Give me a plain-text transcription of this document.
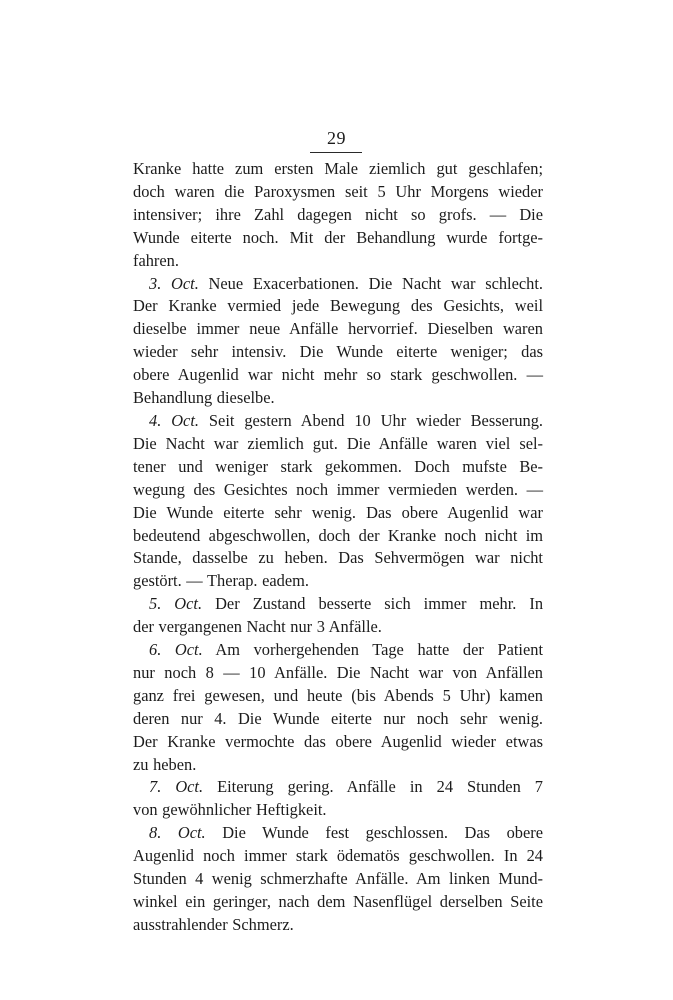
29
Kranke hatte zum ersten Male ziemlich gut geschlafen;
doch waren die Paroxysmen seit 5 Uhr Morgens wieder
intensiver; ihre Zahl dagegen nicht so grofs. — Die
Wunde eiterte noch. Mit der Behandlung wurde fortge-
fahren.
3. Oct. Neue Exacerbationen. Die Nacht war schlecht.
Der Kranke vermied jede Bewegung des Gesichts, weil
dieselbe immer neue Anfälle hervorrief. Dieselben waren
wieder sehr intensiv. Die Wunde eiterte weniger; das
obere Augenlid war nicht mehr so stark geschwollen. —
Behandlung dieselbe.
4. Oct. Seit gestern Abend 10 Uhr wieder Besserung.
Die Nacht war ziemlich gut. Die Anfälle waren viel sel-
tener und weniger stark gekommen. Doch mufste Be-
wegung des Gesichtes noch immer vermieden werden. —
Die Wunde eiterte sehr wenig. Das obere Augenlid war
bedeutend abgeschwollen, doch der Kranke noch nicht im
Stande, dasselbe zu heben. Das Sehvermögen war nicht
gestört. — Therap. eadem.
5. Oct. Der Zustand besserte sich immer mehr. In
der vergangenen Nacht nur 3 Anfälle.
6. Oct. Am vorhergehenden Tage hatte der Patient
nur noch 8 — 10 Anfälle. Die Nacht war von Anfällen
ganz frei gewesen, und heute (bis Abends 5 Uhr) kamen
deren nur 4. Die Wunde eiterte nur noch sehr wenig.
Der Kranke vermochte das obere Augenlid wieder etwas
zu heben.
7. Oct. Eiterung gering. Anfälle in 24 Stunden 7
von gewöhnlicher Heftigkeit.
8. Oct. Die Wunde fest geschlossen. Das obere
Augenlid noch immer stark ödematös geschwollen. In 24
Stunden 4 wenig schmerzhafte Anfälle. Am linken Mund-
winkel ein geringer, nach dem Nasenflügel derselben Seite
ausstrahlender Schmerz.
